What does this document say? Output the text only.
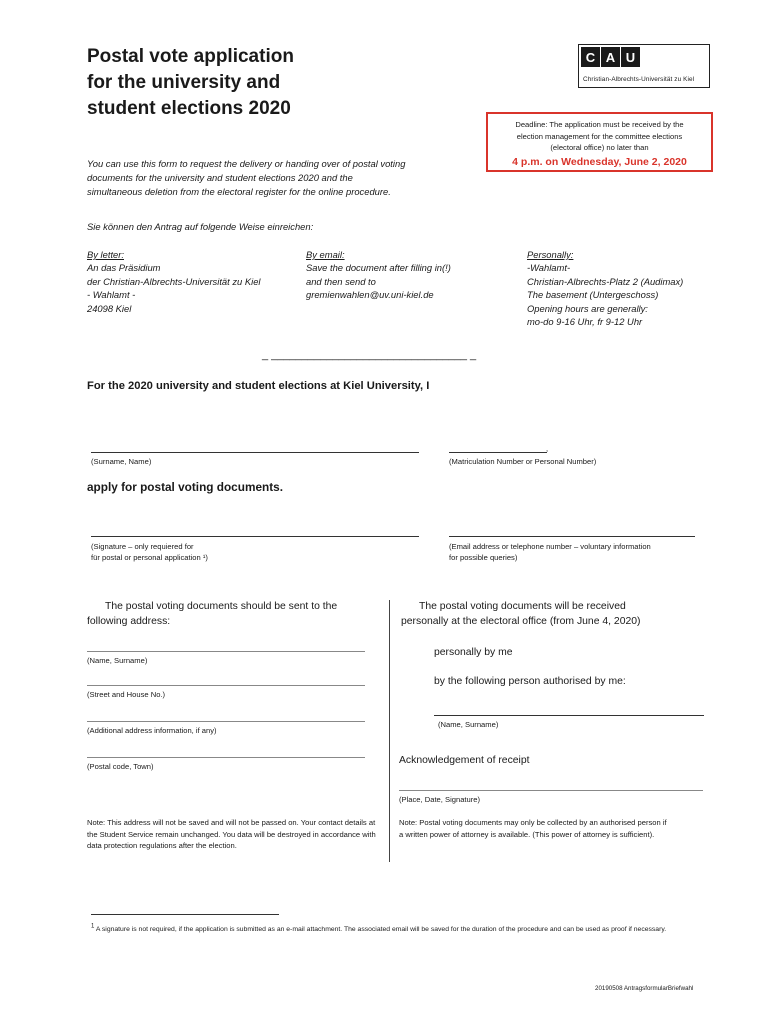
Postal vote application
for the university and
student elections 2020
C A U
Christian-Albrechts-Universität zu Kiel
Deadline: The application must be received by the
election management for the committee elections
(electoral office) no later than
4 p.m. on Wednesday, June 2, 2020
You can use this form to request the delivery or handing over of postal voting documents for the university and student elections 2020 and the simultaneous deletion from the electoral register for the online procedure.
Sie können den Antrag auf folgende Weise einreichen:
By letter:
An das Präsidium
der Christian-Albrechts-Universität zu Kiel
- Wahlamt -
24098 Kiel
By email:
Save the document after filling in(!)
and then send to
gremienwahlen@uv.uni-kiel.de
Personally:
-Wahlamt-
Christian-Albrechts-Platz 2 (Audimax)
The basement (Untergeschoss)
Opening hours are generally:
mo-do 9-16 Uhr, fr 9-12 Uhr
_ ________________________________ _
For the 2020 university and student elections at Kiel University, I
(Surname, Name)
,
(Matriculation Number or Personal Number)
apply for postal voting documents.
(Signature – only requiered for
für postal or personal application ¹)
(Email address or telephone number – voluntary information
for possible queries)
The postal voting documents should be sent to the
following address:
(Name, Surname)
(Street and House No.)
(Additional address information, if any)
(Postal code, Town)
Note: This address will not be saved and will not be passed on. Your contact details at the Student Service remain unchanged. You data will be destroyed in accordance with data protection regulations after the election.
The postal voting documents will be received
personally at the electoral office (from June 4, 2020)
personally by me
by the following person authorised by me:
(Name, Surname)
Acknowledgement of receipt
(Place, Date, Signature)
Note: Postal voting documents may only be collected by an authorised person if a written power of attorney is available. (This power of attorney is sufficient).
$^1$ A signature is not required, if the application is submitted as an e-mail attachment. The associated email will be saved for the duration of the procedure and can be used as proof if necessary.
20190508 AntragsformularBriefwahl
